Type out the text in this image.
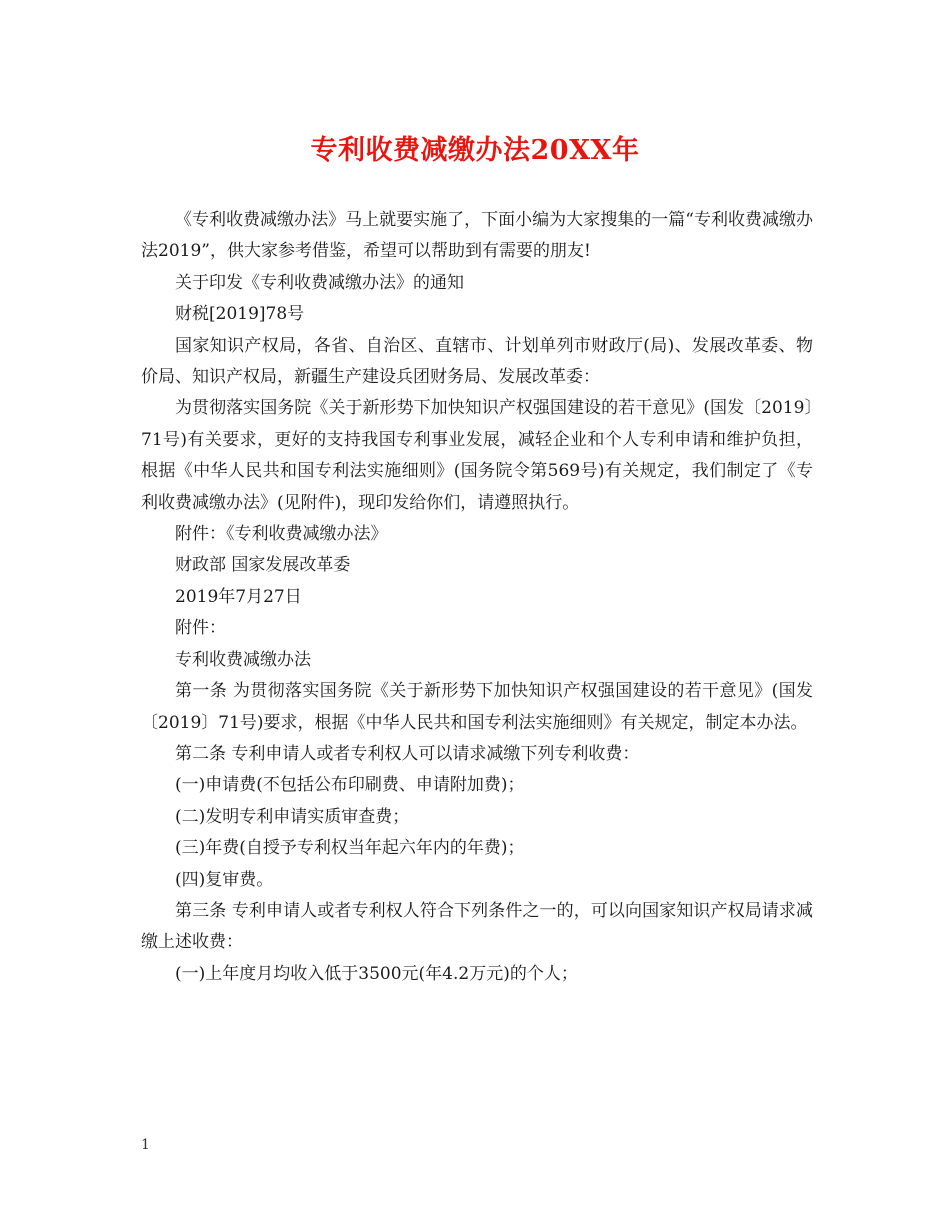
专利收费减缴办法20XX年

《专利收费减缴办法》马上就要实施了，下面小编为大家搜集的一篇“专利收费减缴办法2019”，供大家参考借鉴，希望可以帮助到有需要的朋友!

关于印发《专利收费减缴办法》的通知

财税[2019]78号

国家知识产权局，各省、自治区、直辖市、计划单列市财政厅(局)、发展改革委、物价局、知识产权局，新疆生产建设兵团财务局、发展改革委：

为贯彻落实国务院《关于新形势下加快知识产权强国建设的若干意见》(国发〔2019〕71号)有关要求，更好的支持我国专利事业发展，减轻企业和个人专利申请和维护负担，根据《中华人民共和国专利法实施细则》(国务院令第569号)有关规定，我们制定了《专利收费减缴办法》(见附件)，现印发给你们，请遵照执行。

附件：《专利收费减缴办法》

财政部 国家发展改革委

2019年7月27日

附件：

专利收费减缴办法

第一条 为贯彻落实国务院《关于新形势下加快知识产权强国建设的若干意见》(国发〔2019〕71号)要求，根据《中华人民共和国专利法实施细则》有关规定，制定本办法。

第二条 专利申请人或者专利权人可以请求减缴下列专利收费：

(一)申请费(不包括公布印刷费、申请附加费)；

(二)发明专利申请实质审查费；

(三)年费(自授予专利权当年起六年内的年费)；

(四)复审费。

第三条 专利申请人或者专利权人符合下列条件之一的，可以向国家知识产权局请求减缴上述收费：

(一)上年度月均收入低于3500元(年4.2万元)的个人；

1
